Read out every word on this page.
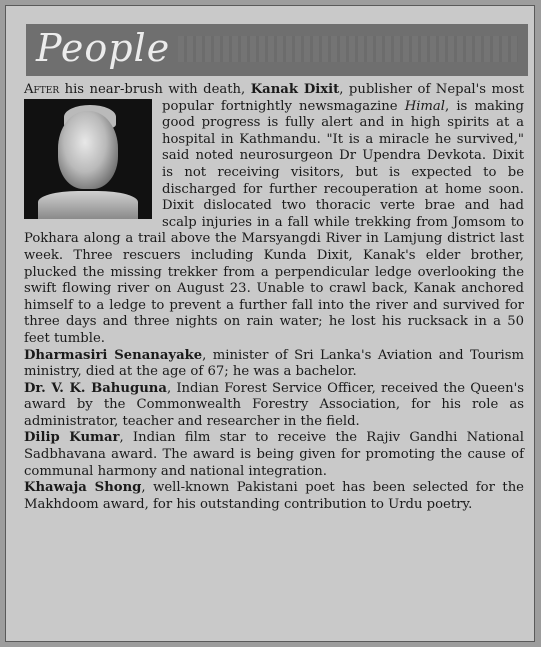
People

After his near-brush with death, Kanak Dixit, publisher of Nepal's most popular fortnightly newsmagazine
Himal, is making good progress is fully alert and in high spirits at a hospital in Kathmandu. "It is a miracle he survived," said noted neurosurgeon Dr Upendra Devkota. Dixit is not receiving visitors, but is expected to be discharged for further recouperation at home soon. Dixit dislocated two thoracic verte brae and had scalp injuries in a fall while trekking from Jomsom to Pokhara along a trail above the Marsyangdi River in Lamjung district last week. Three rescuers including Kunda Dixit, Kanak's elder brother, plucked the missing trekker from a perpendicular ledge overlooking the swift flowing river on August 23. Unable to crawl back, Kanak anchored himself to a ledge to prevent a further fall into the river and survived for three days and three nights on rain water; he lost his rucksack in a 50 feet tumble.

Dharmasiri Senanayake, minister of Sri Lanka's Aviation and Tourism ministry, died at the age of 67; he was a bachelor.

Dr. V. K. Bahuguna, Indian Forest Service Officer, received the Queen's award by the Commonwealth Forestry Association, for his role as administrator, teacher and researcher in the field.

Dilip Kumar, Indian film star to receive the Rajiv Gandhi National Sadbhavana award. The award is being given for promoting the cause of communal harmony and national integration.

Khawaja Shong, well-known Pakistani poet has been selected for the Makhdoom award, for his outstanding contribution to Urdu poetry.
